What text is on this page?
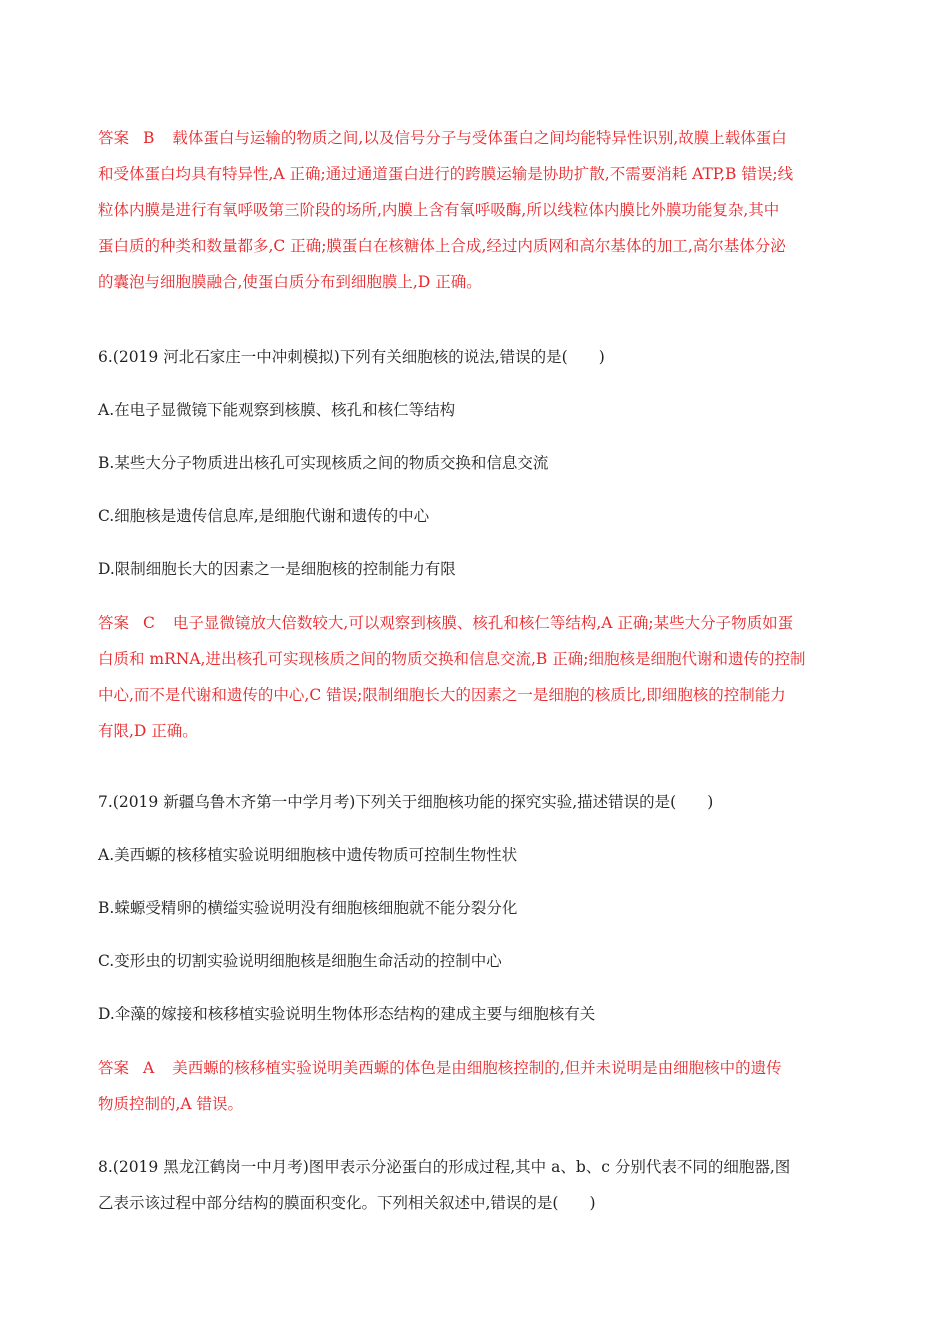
答案 B 载体蛋白与运输的物质之间,以及信号分子与受体蛋白之间均能特异性识别,故膜上载体蛋白
和受体蛋白均具有特异性,A 正确;通过通道蛋白进行的跨膜运输是协助扩散,不需要消耗 ATP,B 错误;线
粒体内膜是进行有氧呼吸第三阶段的场所,内膜上含有氧呼吸酶,所以线粒体内膜比外膜功能复杂,其中
蛋白质的种类和数量都多,C 正确;膜蛋白在核糖体上合成,经过内质网和高尔基体的加工,高尔基体分泌
的囊泡与细胞膜融合,使蛋白质分布到细胞膜上,D 正确。
6.(2019 河北石家庄一中冲刺模拟)下列有关细胞核的说法,错误的是(　　)
A.在电子显微镜下能观察到核膜、核孔和核仁等结构
B.某些大分子物质进出核孔可实现核质之间的物质交换和信息交流
C.细胞核是遗传信息库,是细胞代谢和遗传的中心
D.限制细胞长大的因素之一是细胞核的控制能力有限
答案 C 电子显微镜放大倍数较大,可以观察到核膜、核孔和核仁等结构,A 正确;某些大分子物质如蛋
白质和 mRNA,进出核孔可实现核质之间的物质交换和信息交流,B 正确;细胞核是细胞代谢和遗传的控制
中心,而不是代谢和遗传的中心,C 错误;限制细胞长大的因素之一是细胞的核质比,即细胞核的控制能力
有限,D 正确。
7.(2019 新疆乌鲁木齐第一中学月考)下列关于细胞核功能的探究实验,描述错误的是(　　)
A.美西螈的核移植实验说明细胞核中遗传物质可控制生物性状
B.蝾螈受精卵的横缢实验说明没有细胞核细胞就不能分裂分化
C.变形虫的切割实验说明细胞核是细胞生命活动的控制中心
D.伞藻的嫁接和核移植实验说明生物体形态结构的建成主要与细胞核有关
答案 A 美西螈的核移植实验说明美西螈的体色是由细胞核控制的,但并未说明是由细胞核中的遗传
物质控制的,A 错误。
8.(2019 黑龙江鹤岗一中月考)图甲表示分泌蛋白的形成过程,其中 a、b、c 分别代表不同的细胞器,图
乙表示该过程中部分结构的膜面积变化。下列相关叙述中,错误的是(　　)
